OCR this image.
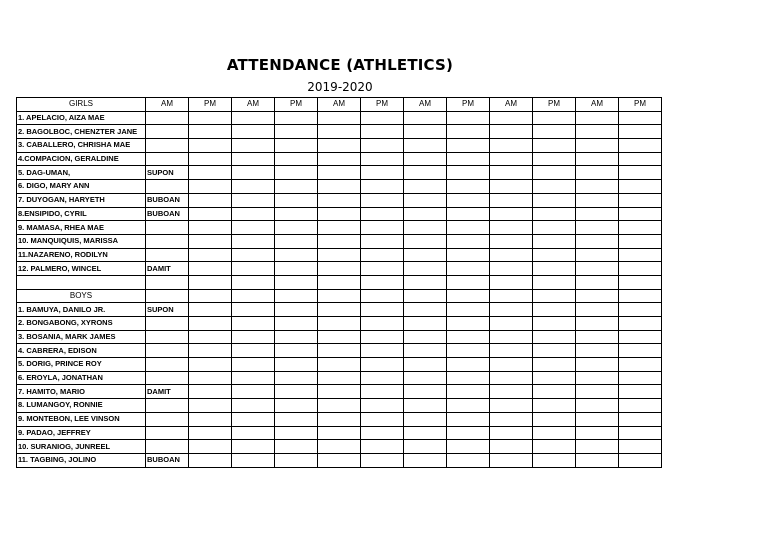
ATTENDANCE (ATHLETICS)
2019-2020
GIRLS	AM	PM	AM	PM	AM	PM	AM	PM	AM	PM	AM	PM
1. APELACIO, AIZA MAE												
2. BAGOLBOC, CHENZTER JANE												
3. CABALLERO, CHRISHA MAE												
4.COMPACION, GERALDINE												
5. DAG-UMAN,	SUPON											
6. DIGO, MARY ANN												
7. DUYOGAN, HARYETH	BUBOAN											
8.ENSIPIDO, CYRIL	BUBOAN											
9. MAMASA, RHEA MAE												
10. MANQUIQUIS, MARISSA												
11.NAZARENO, RODILYN												
12. PALMERO, WINCEL	DAMIT											

BOYS												
1. BAMUYA, DANILO JR.	SUPON											
2. BONGABONG, XYRONS												
3. BOSANIA, MARK JAMES												
4. CABRERA, EDISON												
5. DORIG, PRINCE ROY												
6. EROYLA, JONATHAN												
7. HAMITO, MARIO	DAMIT											
8. LUMANGOY, RONNIE												
9. MONTEBON, LEE VINSON												
9. PADAO, JEFFREY												
10. SURANIOG, JUNREEL												
11. TAGBING, JOLINO	BUBOAN											
